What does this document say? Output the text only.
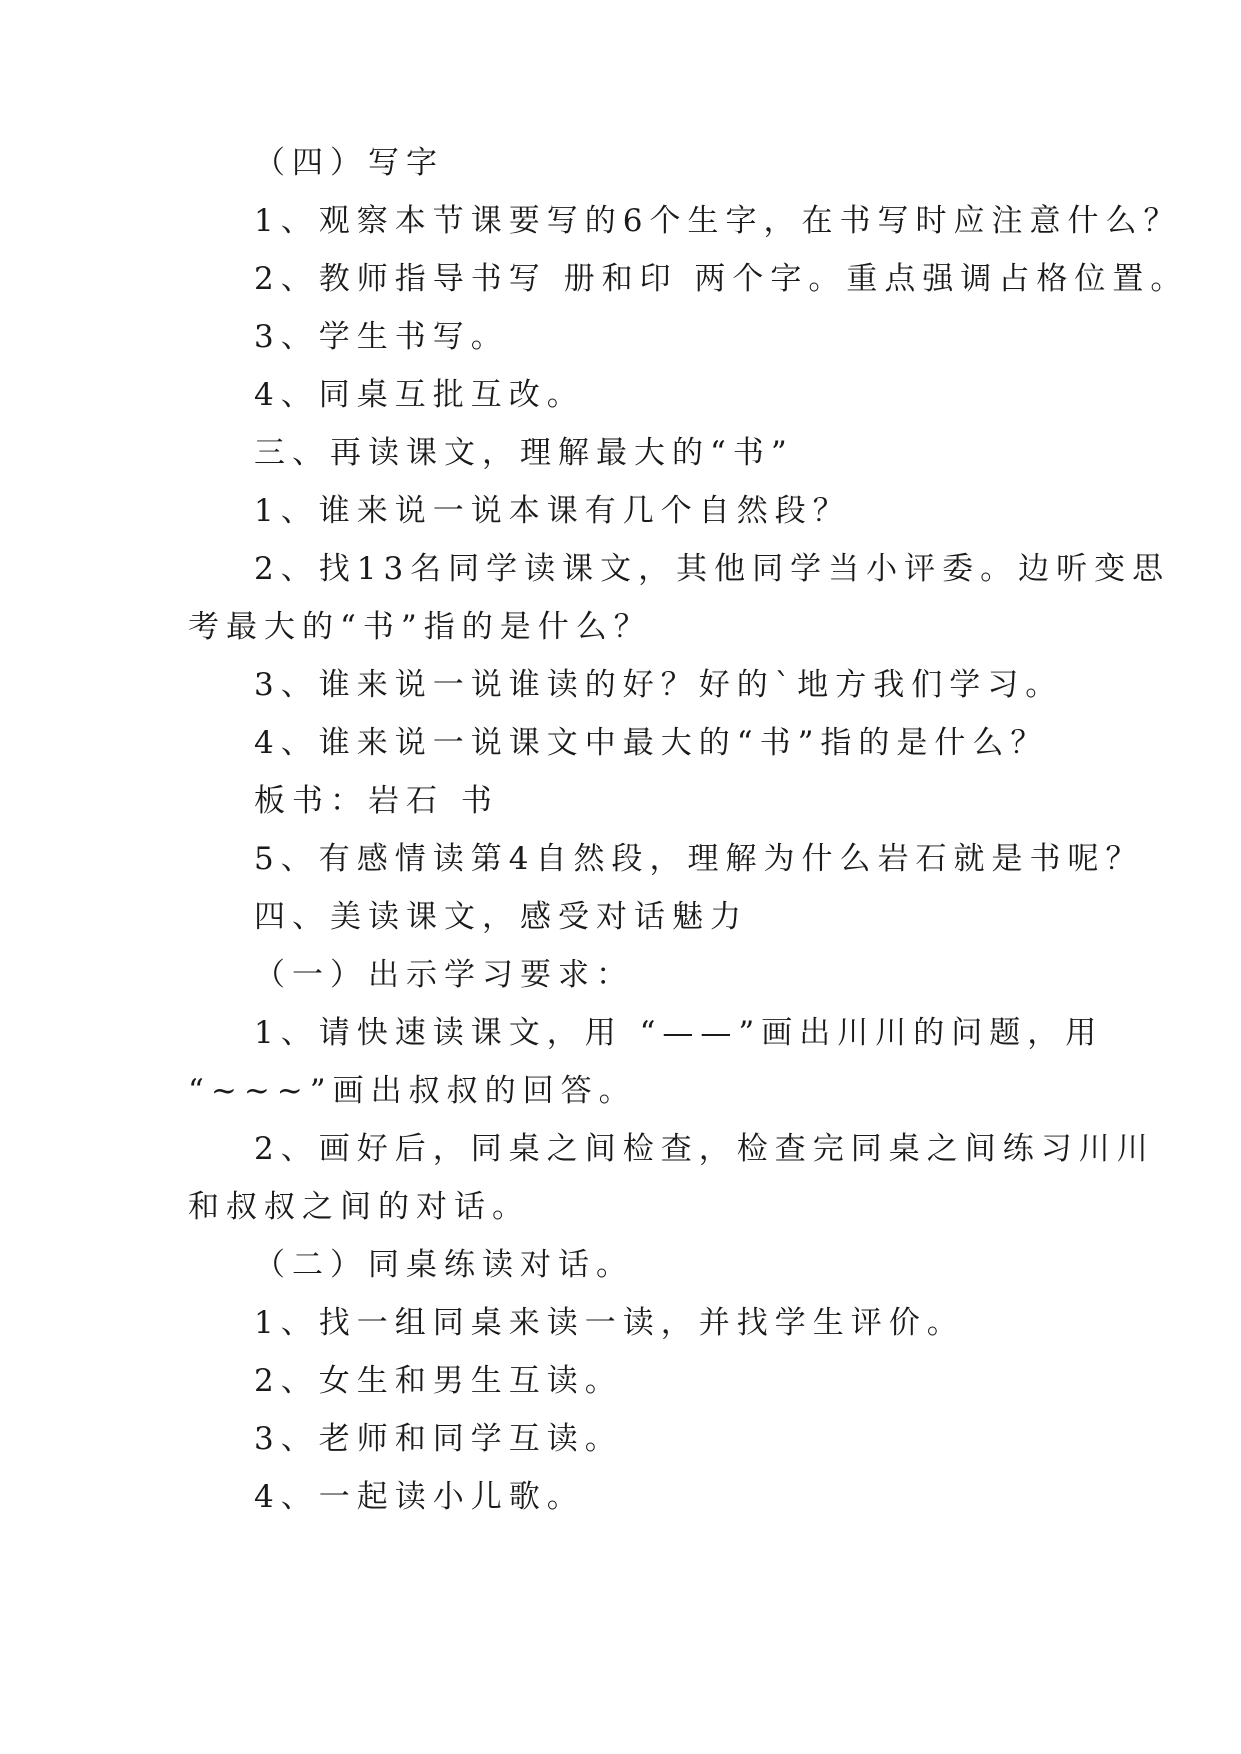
（四）写字
1、观察本节课要写的6个生字，在书写时应注意什么？
2、教师指导书写 册和印 两个字。重点强调占格位置。
3、学生书写。
4、同桌互批互改。
三、再读课文，理解最大的“书”
1、谁来说一说本课有几个自然段？
2、找13名同学读课文，其他同学当小评委。边听变思
考最大的“书”指的是什么？
3、谁来说一说谁读的好？好的`地方我们学习。
4、谁来说一说课文中最大的“书”指的是什么？
板书：岩石 书
5、有感情读第4自然段，理解为什么岩石就是书呢？
四、美读课文，感受对话魅力
（一）出示学习要求：
1、请快速读课文，用 “——”画出川川的问题，用
“~~~”画出叔叔的回答。
2、画好后，同桌之间检查，检查完同桌之间练习川川
和叔叔之间的对话。
（二）同桌练读对话。
1、找一组同桌来读一读，并找学生评价。
2、女生和男生互读。
3、老师和同学互读。
4、一起读小儿歌。
